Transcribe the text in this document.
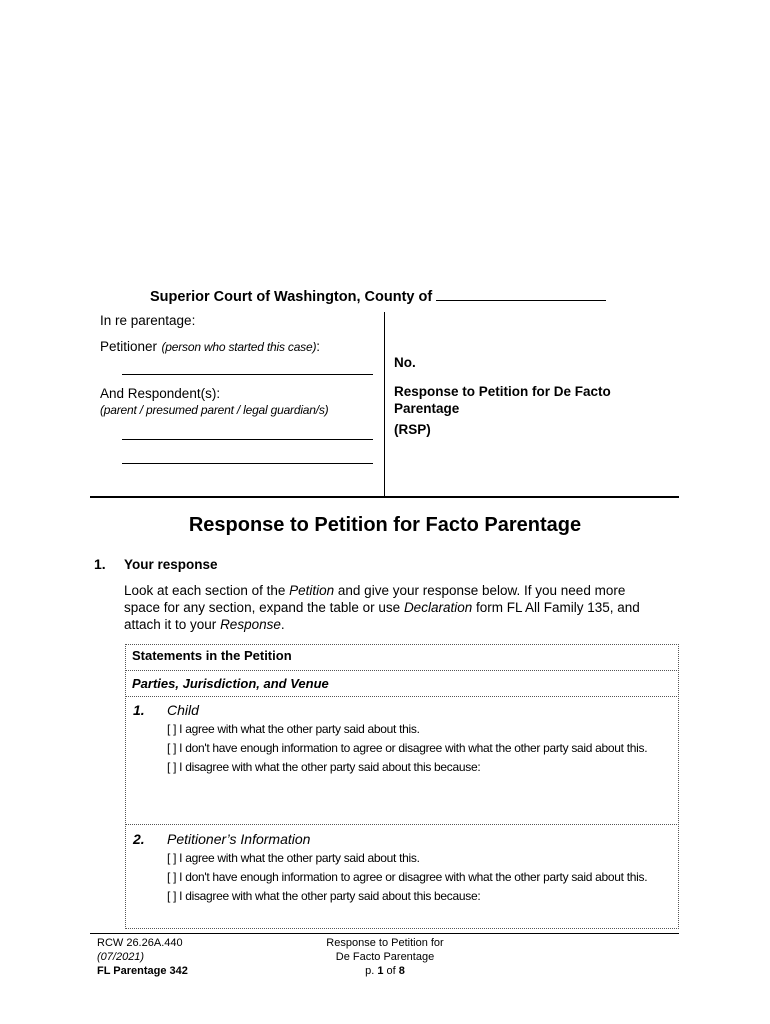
Superior Court of Washington, County of
In re parentage:
Petitioner (person who started this case):
And Respondent(s):
(parent / presumed parent / legal guardian/s)
No.
Response to Petition for De Facto
Parentage
(RSP)
Response to Petition for Facto Parentage
1. Your response
Look at each section of the Petition and give your response below. If you need more space for any section, expand the table or use Declaration form FL All Family 135, and attach it to your Response.
Statements in the Petition
Parties, Jurisdiction, and Venue
1. Child
[ ] I agree with what the other party said about this.
[ ] I don't have enough information to agree or disagree with what the other party said about this.
[ ] I disagree with what the other party said about this because:
2. Petitioner’s Information
[ ] I agree with what the other party said about this.
[ ] I don't have enough information to agree or disagree with what the other party said about this.
[ ] I disagree with what the other party said about this because:
RCW 26.26A.440
(07/2021)
FL Parentage 342
Response to Petition for
De Facto Parentage
p. 1 of 8
